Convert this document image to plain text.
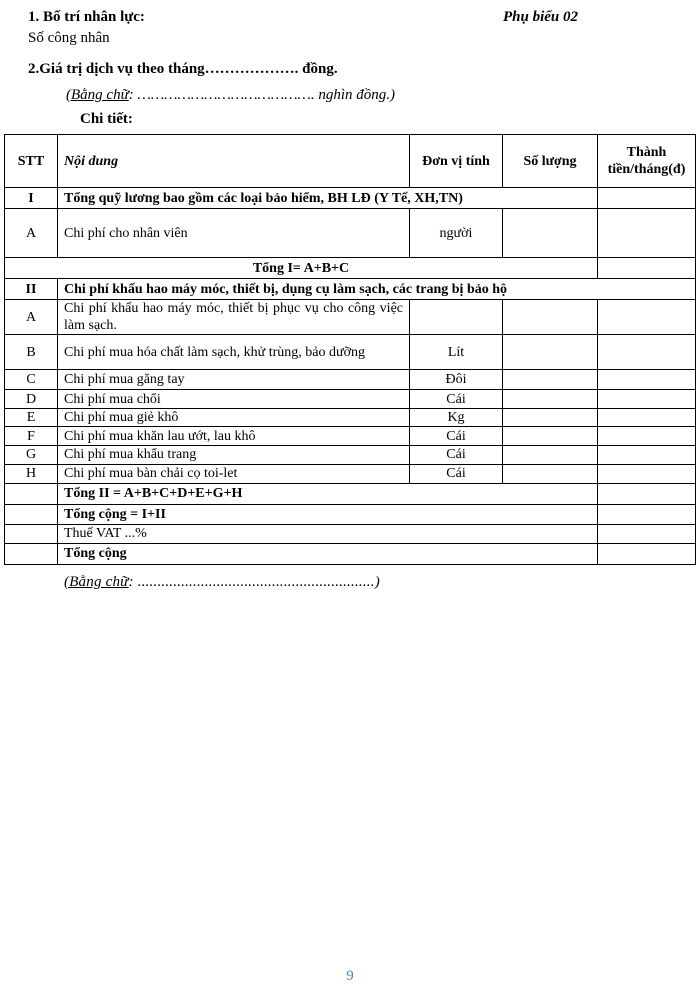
1. Bố trí nhân lực:	Phụ biểu 02
Số công nhân
2.Giá trị dịch vụ theo tháng………………. đồng.
(Bằng chữ: …………………………………. nghìn đồng.)
Chi tiết:
STT	Nội dung	Đơn vị tính	Số lượng	Thành tiền/tháng(đ)
I	Tổng quỹ lương bao gồm các loại bảo hiểm, BH LĐ (Y Tế, XH,TN)			
A	Chi phí cho nhân viên	người		
Tổng I= A+B+C				
II	Chi phí khấu hao máy móc, thiết bị, dụng cụ làm sạch, các trang bị bảo hộ			
A	Chi phí khấu hao máy móc, thiết bị phục vụ cho công việc làm sạch.			
B	Chi phí mua hóa chất làm sạch, khử trùng, bảo dưỡng	Lít		
C	Chi phí mua găng tay	Đôi		
D	Chi phí mua chổi	Cái		
E	Chi phí mua giẻ khô	Kg		
F	Chi phí mua khăn lau ướt, lau khô	Cái		
G	Chi phí mua khẩu trang	Cái		
H	Chi phí mua bàn chải cọ toi-let	Cái		
	Tổng II = A+B+C+D+E+G+H			
	Tổng cộng = I+II			
	Thuế VAT ...%			
	Tổng cộng			
(Bằng chữ: ............................................................)
9
